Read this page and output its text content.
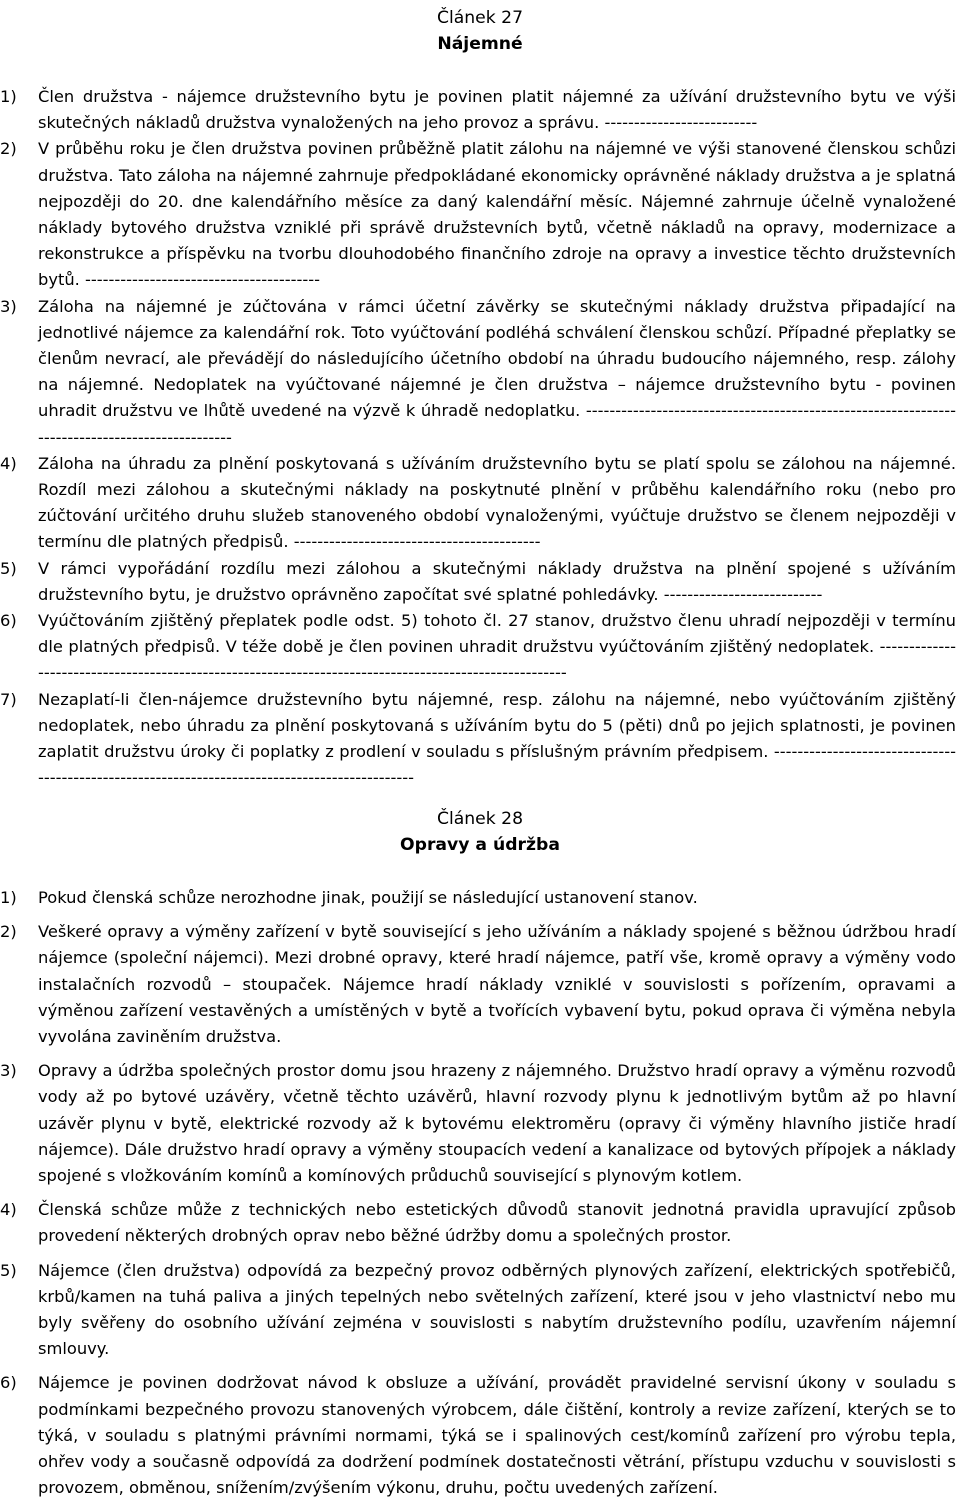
Článek 27
Nájemné
1) Člen družstva - nájemce družstevního bytu je povinen platit nájemné za užívání družstevního bytu ve výši skutečných nákladů družstva vynaložených na jeho provoz a správu. --------------------------
2) V průběhu roku je člen družstva povinen průběžně platit zálohu na nájemné ve výši stanovené členskou schůzi družstva. Tato záloha na nájemné zahrnuje předpokládané ekonomicky oprávněné náklady družstva a je splatná nejpozději do 20. dne kalendářního měsíce za daný kalendářní měsíc. Nájemné zahrnuje účelně vynaložené náklady bytového družstva vzniklé při správě družstevních bytů, včetně nákladů na opravy, modernizace a rekonstrukce a příspěvku na tvorbu dlouhodobého finančního zdroje na opravy a investice těchto družstevních bytů. ----------------------------------------
3) Záloha na nájemné je zúčtována v rámci účetní závěrky se skutečnými náklady družstva připadající na jednotlivé nájemce za kalendářní rok. Toto vyúčtování podléhá schválení členskou schůzí. Případné přeplatky se členům nevrací, ale převádějí do následujícího účetního období na úhradu budoucího nájemného, resp. zálohy na nájemné. Nedoplatek na vyúčtované nájemné je člen družstva – nájemce družstevního bytu - povinen uhradit družstvu ve lhůtě uvedené na výzvě k úhradě nedoplatku. ------------------------------------------------------------------------------------------------
4) Záloha na úhradu za plnění poskytovaná s užíváním družstevního bytu se platí spolu se zálohou na nájemné. Rozdíl mezi zálohou a skutečnými náklady na poskytnuté plnění v průběhu kalendářního roku (nebo pro zúčtování určitého druhu služeb stanoveného období vynaloženými, vyúčtuje družstvo se členem nejpozději v termínu dle platných předpisů. ------------------------------------------
5) V rámci vypořádání rozdílu mezi zálohou a skutečnými náklady družstva na plnění spojené s užíváním družstevního bytu, je družstvo oprávněno započítat své splatné pohledávky. ---------------------------
6) Vyúčtováním zjištěný přeplatek podle odst. 5) tohoto čl. 27 stanov, družstvo členu uhradí nejpozději v termínu dle platných předpisů. V téže době je člen povinen uhradit družstvu vyúčtováním zjištěný nedoplatek. -------------------------------------------------------------------------------------------------------
7) Nezaplatí-li člen-nájemce družstevního bytu nájemné, resp. zálohu na nájemné, nebo vyúčtováním zjištěný nedoplatek, nebo úhradu za plnění poskytovaná s užíváním bytu do 5 (pěti) dnů po jejich splatnosti, je povinen zaplatit družstvu úroky či poplatky z prodlení v souladu s příslušným právním předpisem. -----------------------------------------------------------------------------------------------
Článek 28
Opravy a údržba
1) Pokud členská schůze nerozhodne jinak, použijí se následující ustanovení stanov.
2) Veškeré opravy a výměny zařízení v bytě související s jeho užíváním a náklady spojené s běžnou údržbou hradí nájemce (společní nájemci). Mezi drobné opravy, které hradí nájemce, patří vše, kromě opravy a výměny vodo instalačních rozvodů – stoupaček. Nájemce hradí náklady vzniklé v souvislosti s pořízením, opravami a výměnou zařízení vestavěných a umístěných v bytě a tvořících vybavení bytu, pokud oprava či výměna nebyla vyvolána zaviněním družstva.
3) Opravy a údržba společných prostor domu jsou hrazeny z nájemného. Družstvo hradí opravy a výměnu rozvodů vody až po bytové uzávěry, včetně těchto uzávěrů, hlavní rozvody plynu k jednotlivým bytům až po hlavní uzávěr plynu v bytě, elektrické rozvody až k bytovému elektroměru (opravy či výměny hlavního jističe hradí nájemce). Dále družstvo hradí opravy a výměny stoupacích vedení a kanalizace od bytových přípojek a náklady spojené s vložkováním komínů a komínových průduchů související s plynovým kotlem.
4) Členská schůze může z technických nebo estetických důvodů stanovit jednotná pravidla upravující způsob provedení některých drobných oprav nebo běžné údržby domu a společných prostor.
5) Nájemce (člen družstva) odpovídá za bezpečný provoz odběrných plynových zařízení, elektrických spotřebičů, krbů/kamen na tuhá paliva a jiných tepelných nebo světelných zařízení, které jsou v jeho vlastnictví nebo mu byly svěřeny do osobního užívání zejména v souvislosti s nabytím družstevního podílu, uzavřením nájemní smlouvy.
6) Nájemce je povinen dodržovat návod k obsluze a užívání, provádět pravidelné servisní úkony v souladu s podmínkami bezpečného provozu stanovených výrobcem, dále čištění, kontroly a revize zařízení, kterých se to týká, v souladu s platnými právními normami, týká se i spalinových cest/komínů zařízení pro výrobu tepla, ohřev vody a současně odpovídá za dodržení podmínek dostatečnosti větrání, přístupu vzduchu v souvislosti s provozem, obměnou, snížením/zvýšením výkonu, druhu, počtu uvedených zařízení.
